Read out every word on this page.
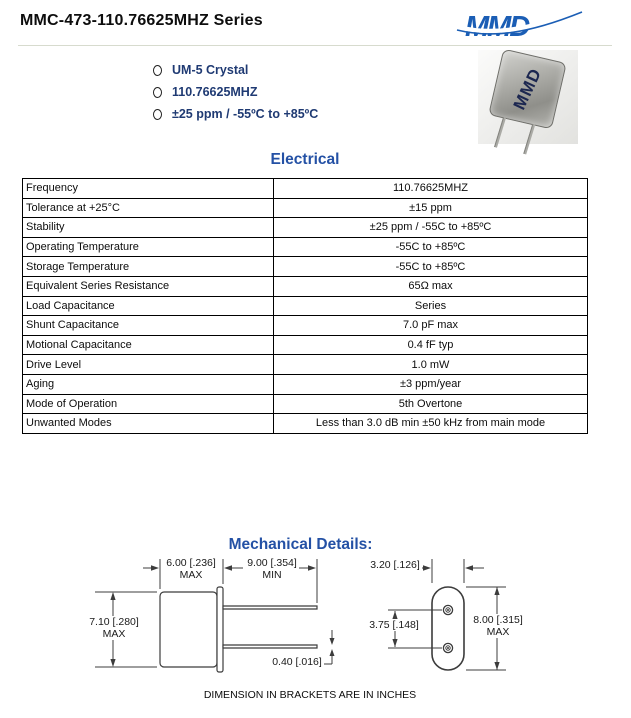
MMC-473-110.76625MHZ Series	MMD
MMD
UM-5 Crystal
110.76625MHZ
±25 ppm / -55ºC to +85ºC
Electrical
Frequency	110.76625MHZ
Tolerance at +25°C	±15 ppm
Stability	±25 ppm / -55C to +85ºC
Operating Temperature	-55C to +85ºC
Storage Temperature	-55C to +85ºC
Equivalent Series Resistance	65Ω max
Load Capacitance	Series
Shunt Capacitance	7.0 pF max
Motional Capacitance	0.4 fF typ
Drive Level	1.0 mW
Aging	±3 ppm/year
Mode of Operation	5th Overtone
Unwanted Modes	Less than 3.0 dB min ±50 kHz from main mode
Mechanical Details:
6.00 [.236]
MAX
9.00 [.354]
MIN
7.10 [.280]
MAX
0.40 [.016]
3.20 [.126]
3.75 [.148]	8.00 [.315]
MAX
DIMENSION IN BRACKETS ARE IN INCHES
